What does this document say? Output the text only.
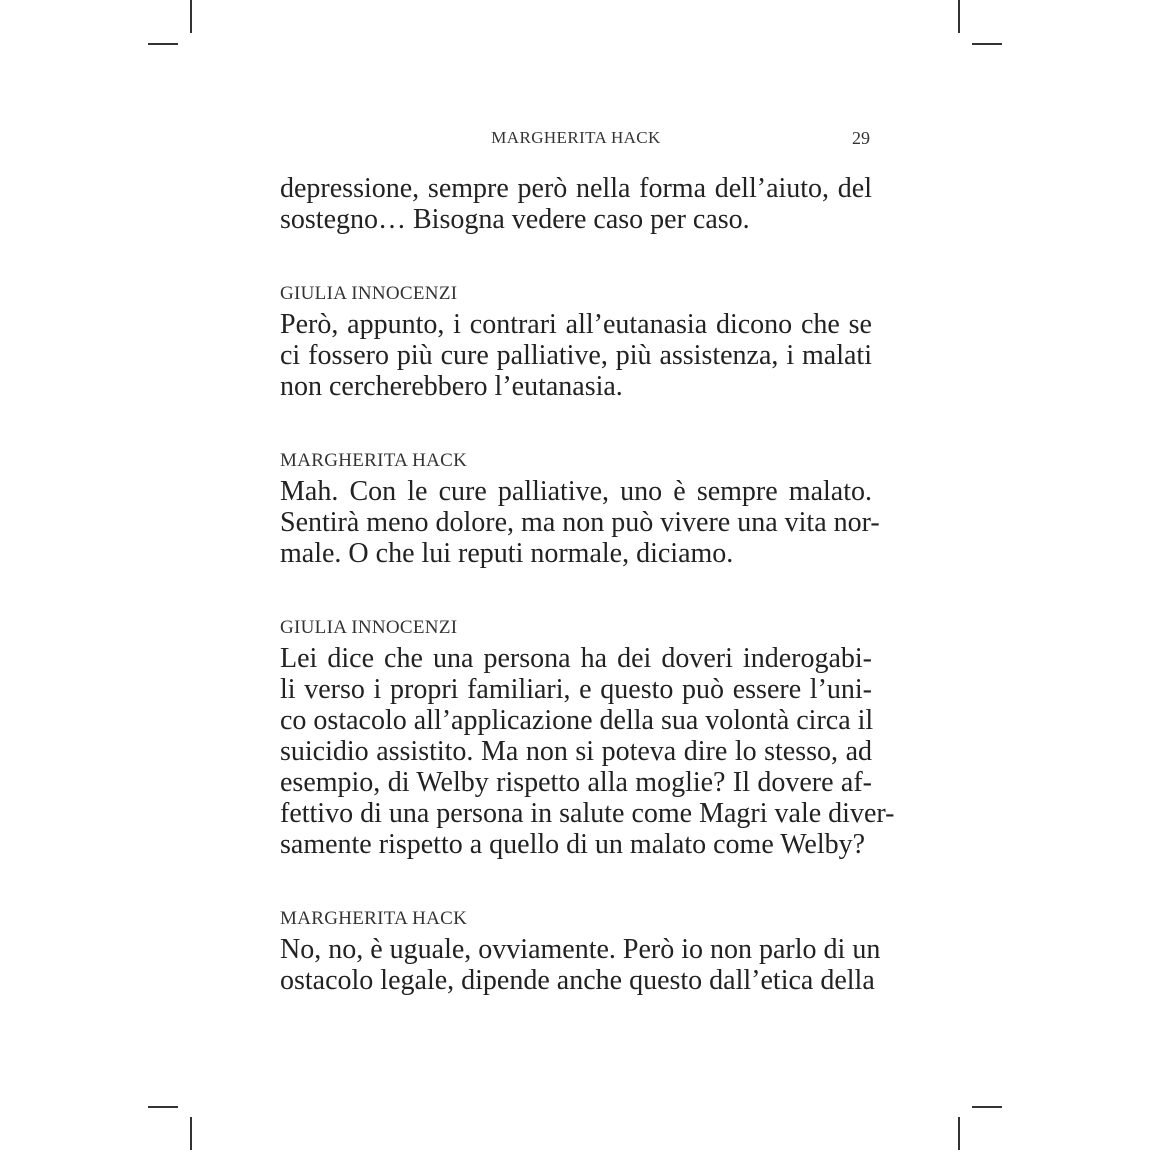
MARGHERITA HACK	29
depressione, sempre però nella forma dell’aiuto, del
sostegno… Bisogna vedere caso per caso.
GIULIA INNOCENZI
Però, appunto, i contrari all’eutanasia dicono che se
ci fossero più cure palliative, più assistenza, i malati
non cercherebbero l’eutanasia.
MARGHERITA HACK
Mah. Con le cure palliative, uno è sempre malato.
Sentirà meno dolore, ma non può vivere una vita nor-
male. O che lui reputi normale, diciamo.
GIULIA INNOCENZI
Lei dice che una persona ha dei doveri inderogabi-
li verso i propri familiari, e questo può essere l’uni-
co ostacolo all’applicazione della sua volontà circa il
suicidio assistito. Ma non si poteva dire lo stesso, ad
esempio, di Welby rispetto alla moglie? Il dovere af-
fettivo di una persona in salute come Magri vale diver-
samente rispetto a quello di un malato come Welby?
MARGHERITA HACK
No, no, è uguale, ovviamente. Però io non parlo di un
ostacolo legale, dipende anche questo dall’etica della
